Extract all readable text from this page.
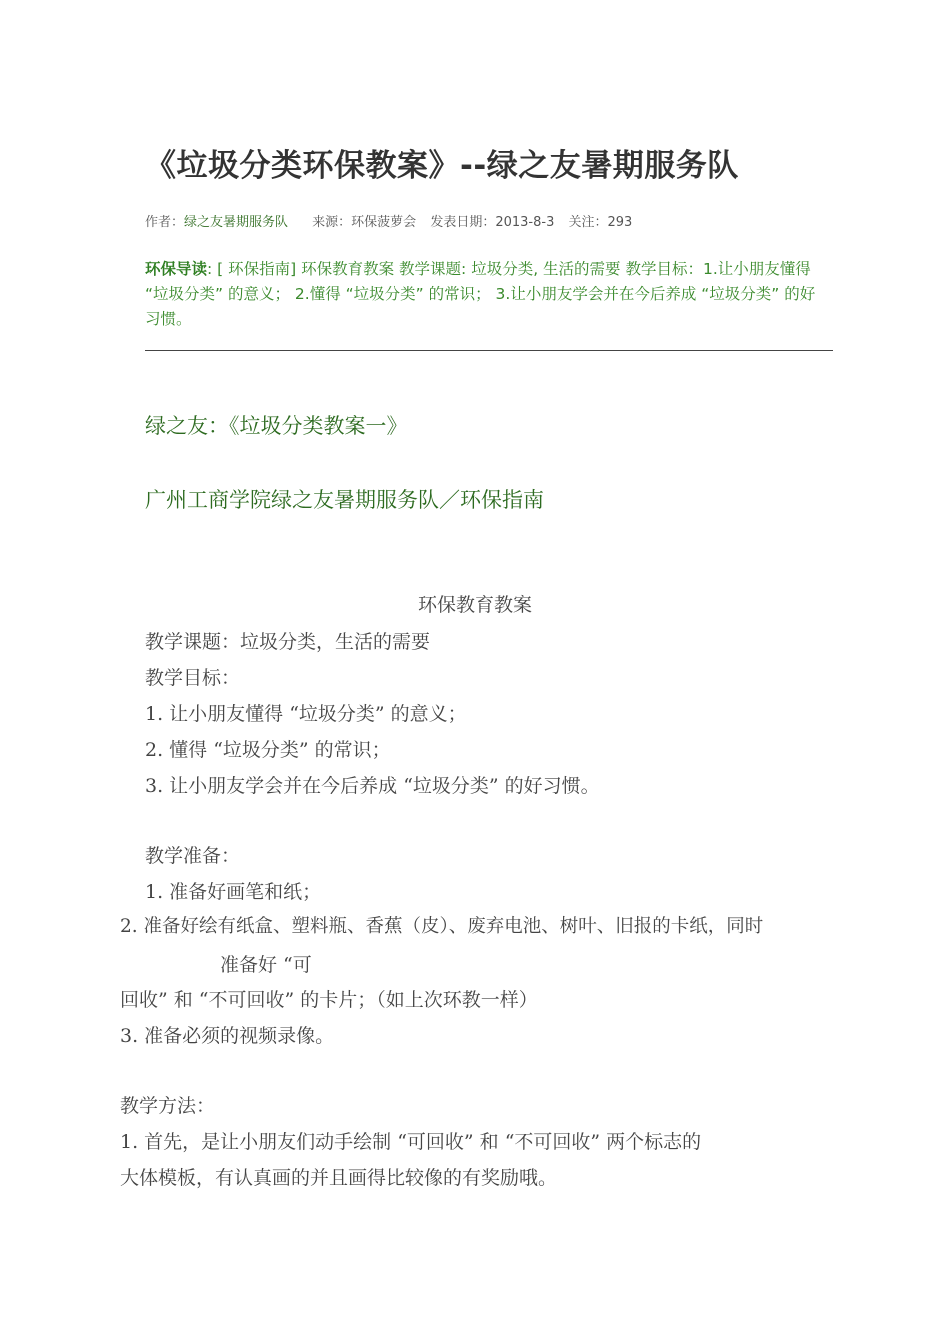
《垃圾分类环保教案》--绿之友暑期服务队
作者：绿之友暑期服务队 来源：环保菠萝会 发表日期：2013-8-3 关注：293
环保导读: [ 环保指南] 环保教育教案 教学课题: 垃圾分类, 生活的需要 教学目标：1.让小朋友懂得 “垃圾分类” 的意义； 2.懂得 “垃圾分类” 的常识； 3.让小朋友学会并在今后养成 “垃圾分类” 的好习惯。
绿之友：《垃圾分类教案一》
广州工商学院绿之友暑期服务队／环保指南
环保教育教案
教学课题：垃圾分类，生活的需要
教学目标：
1. 让小朋友懂得 “垃圾分类” 的意义；
2. 懂得 “垃圾分类” 的常识；
3. 让小朋友学会并在今后养成 “垃圾分类” 的好习惯。
教学准备：
1. 准备好画笔和纸；
2. 准备好绘有纸盒、塑料瓶、香蕉（皮）、废弃电池、树叶、旧报的卡纸，同时
准备好 “可
回收” 和 “不可回收” 的卡片；（如上次环教一样）
3. 准备必须的视频录像。
教学方法：
1. 首先，是让小朋友们动手绘制 “可回收” 和 “不可回收” 两个标志的
大体模板，有认真画的并且画得比较像的有奖励哦。
